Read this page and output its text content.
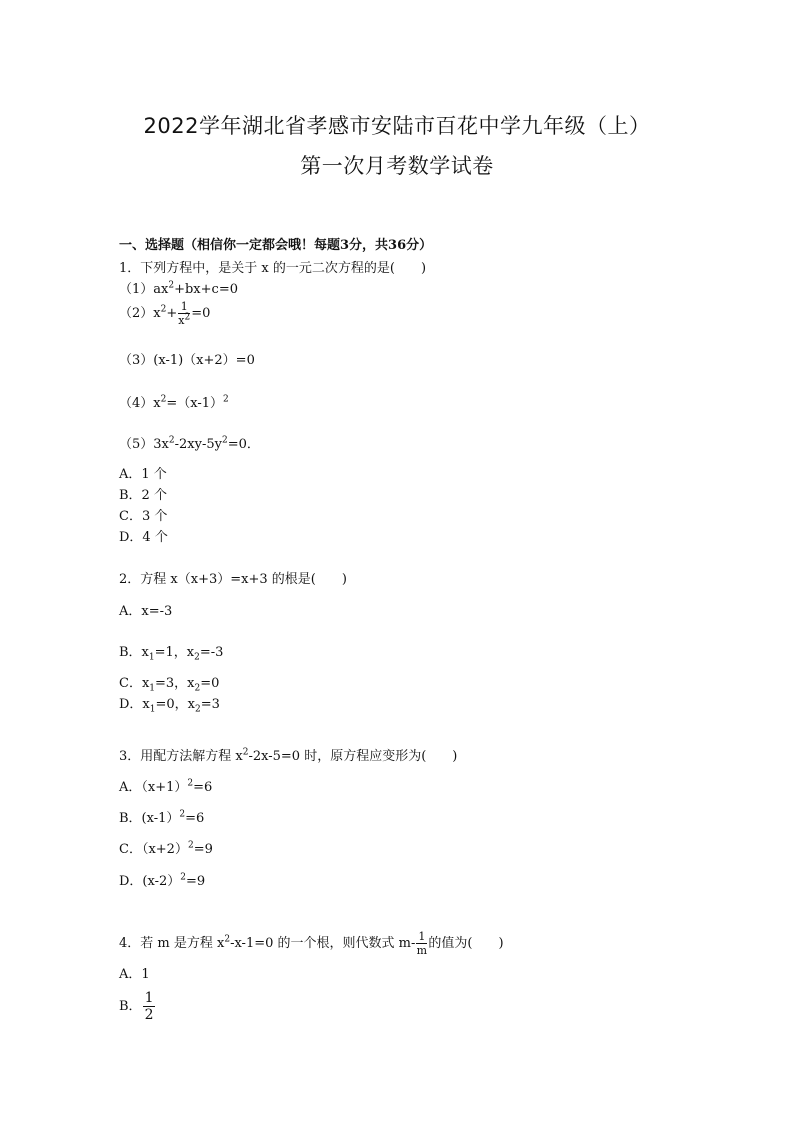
2022学年湖北省孝感市安陆市百花中学九年级（上）
第一次月考数学试卷
一、选择题（相信你一定都会哦！每题3分，共36分）
1．下列方程中，是关于 x 的一元二次方程的是(　　)
$(1)ax^2+bx+c=0$
$(2)x^2+ \frac{1}{x^2} =0$
（3）(x-1)（x+2）=0
$(4)x^2=(x-1)^2$
$(5)3x^2-2xy-5y^2=0$．
A．1 个
B．2 个
C．3 个
D．4 个
2．方程 x（x+3）=x+3 的根是(　　)
A．x=-3
B．$x_1=1$，$x_2=-3$
C．$x_1=3$，$x_2=0$
D．$x_1=0$，$x_2=3$
3．用配方法解方程 $x^2-2x-5=0$ 时，原方程应变形为(　　)
A．$(x+1)^2=6$
B．(x-1）$^2$=6
C．$(x+2)^2=9$
D．(x-2）$^2$=9
4．若 m 是方程 $x^2-x-1=0$ 的一个根，则代数式 $m- \frac{1}{m}$ 的值为(　　)
A．1
B． $\frac{1}{2}$
